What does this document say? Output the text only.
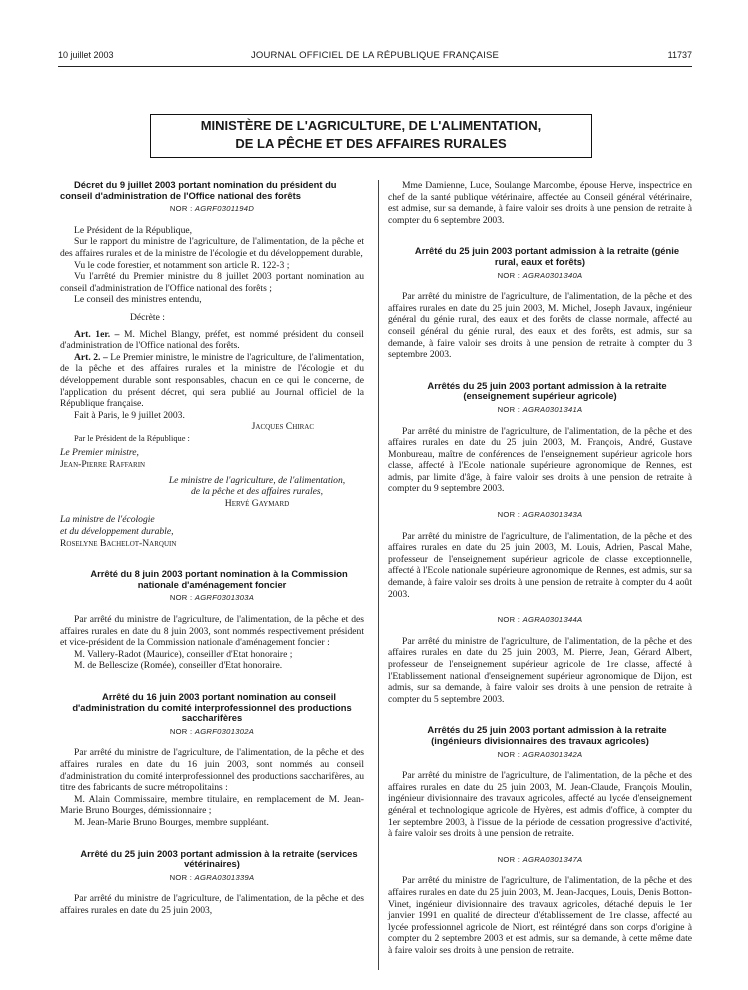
10 juillet 2003	JOURNAL OFFICIEL DE LA RÉPUBLIQUE FRANÇAISE	11737
MINISTÈRE DE L'AGRICULTURE, DE L'ALIMENTATION,
DE LA PÊCHE ET DES AFFAIRES RURALES

Décret du 9 juillet 2003 portant nomination du président du conseil d'administration de l'Office national des forêts

NOR : AGRF0301194D

Le Président de la République,

Sur le rapport du ministre de l'agriculture, de l'alimentation, de la pêche et des affaires rurales et de la ministre de l'écologie et du développement durable,

Vu le code forestier, et notamment son article R. 122-3 ;

Vu l'arrêté du Premier ministre du 8 juillet 2003 portant nomination au conseil d'administration de l'Office national des forêts ;

Le conseil des ministres entendu,

Décrète :

Art. 1er. – M. Michel Blangy, préfet, est nommé président du conseil d'administration de l'Office national des forêts.

Art. 2. – Le Premier ministre, le ministre de l'agriculture, de l'alimentation, de la pêche et des affaires rurales et la ministre de l'écologie et du développement durable sont responsables, chacun en ce qui le concerne, de l'application du présent décret, qui sera publié au Journal officiel de la République française.

Fait à Paris, le 9 juillet 2003.

Jacques Chirac

Par le Président de la République :

Le Premier ministre,

Jean-Pierre Raffarin

Le ministre de l'agriculture, de l'alimentation,

de la pêche et des affaires rurales,

Hervé Gaymard

La ministre de l'écologie

et du développement durable,

Roselyne Bachelot-Narquin

Arrêté du 8 juin 2003 portant nomination à la Commission nationale d'aménagement foncier

NOR : AGRF0301303A

Par arrêté du ministre de l'agriculture, de l'alimentation, de la pêche et des affaires rurales en date du 8 juin 2003, sont nommés respectivement président et vice-président de la Commission nationale d'aménagement foncier :

M. Vallery-Radot (Maurice), conseiller d'Etat honoraire ;

M. de Bellescize (Romée), conseiller d'Etat honoraire.

Arrêté du 16 juin 2003 portant nomination au conseil d'administration du comité interprofessionnel des productions saccharifères

NOR : AGRF0301302A

Par arrêté du ministre de l'agriculture, de l'alimentation, de la pêche et des affaires rurales en date du 16 juin 2003, sont nommés au conseil d'administration du comité interprofessionnel des productions saccharifères, au titre des fabricants de sucre métropolitains :

M. Alain Commissaire, membre titulaire, en remplacement de M. Jean-Marie Bruno Bourges, démissionnaire ;

M. Jean-Marie Bruno Bourges, membre suppléant.

Arrêté du 25 juin 2003 portant admission à la retraite (services vétérinaires)

NOR : AGRA0301339A

Par arrêté du ministre de l'agriculture, de l'alimentation, de la pêche et des affaires rurales en date du 25 juin 2003,

Mme Damienne, Luce, Soulange Marcombe, épouse Herve, inspectrice en chef de la santé publique vétérinaire, affectée au Conseil général vétérinaire, est admise, sur sa demande, à faire valoir ses droits à une pension de retraite à compter du 6 septembre 2003.

Arrêté du 25 juin 2003 portant admission à la retraite (génie rural, eaux et forêts)

NOR : AGRA0301340A

Par arrêté du ministre de l'agriculture, de l'alimentation, de la pêche et des affaires rurales en date du 25 juin 2003, M. Michel, Joseph Javaux, ingénieur général du génie rural, des eaux et des forêts de classe normale, affecté au conseil général du génie rural, des eaux et des forêts, est admis, sur sa demande, à faire valoir ses droits à une pension de retraite à compter du 3 septembre 2003.

Arrêtés du 25 juin 2003 portant admission à la retraite (enseignement supérieur agricole)

NOR : AGRA0301341A

Par arrêté du ministre de l'agriculture, de l'alimentation, de la pêche et des affaires rurales en date du 25 juin 2003, M. François, André, Gustave Monbureau, maître de conférences de l'enseignement supérieur agricole hors classe, affecté à l'Ecole nationale supérieure agronomique de Rennes, est admis, par limite d'âge, à faire valoir ses droits à une pension de retraite à compter du 9 septembre 2003.

NOR : AGRA0301343A

Par arrêté du ministre de l'agriculture, de l'alimentation, de la pêche et des affaires rurales en date du 25 juin 2003, M. Louis, Adrien, Pascal Mahe, professeur de l'enseignement supérieur agricole de classe exceptionnelle, affecté à l'Ecole nationale supérieure agronomique de Rennes, est admis, sur sa demande, à faire valoir ses droits à une pension de retraite à compter du 4 août 2003.

NOR : AGRA0301344A

Par arrêté du ministre de l'agriculture, de l'alimentation, de la pêche et des affaires rurales en date du 25 juin 2003, M. Pierre, Jean, Gérard Albert, professeur de l'enseignement supérieur agricole de 1re classe, affecté à l'Etablissement national d'enseignement supérieur agronomique de Dijon, est admis, sur sa demande, à faire valoir ses droits à une pension de retraite à compter du 5 septembre 2003.

Arrêtés du 25 juin 2003 portant admission à la retraite (ingénieurs divisionnaires des travaux agricoles)

NOR : AGRA0301342A

Par arrêté du ministre de l'agriculture, de l'alimentation, de la pêche et des affaires rurales en date du 25 juin 2003, M. Jean-Claude, François Moulin, ingénieur divisionnaire des travaux agricoles, affecté au lycée d'enseignement général et technologique agricole de Hyères, est admis d'office, à compter du 1er septembre 2003, à l'issue de la période de cessation progressive d'activité, à faire valoir ses droits à une pension de retraite.

NOR : AGRA0301347A

Par arrêté du ministre de l'agriculture, de l'alimentation, de la pêche et des affaires rurales en date du 25 juin 2003, M. Jean-Jacques, Louis, Denis Botton-Vinet, ingénieur divisionnaire des travaux agricoles, détaché depuis le 1er janvier 1991 en qualité de directeur d'établissement de 1re classe, affecté au lycée professionnel agricole de Niort, est réintégré dans son corps d'origine à compter du 2 septembre 2003 et est admis, sur sa demande, à cette même date à faire valoir ses droits à une pension de retraite.
